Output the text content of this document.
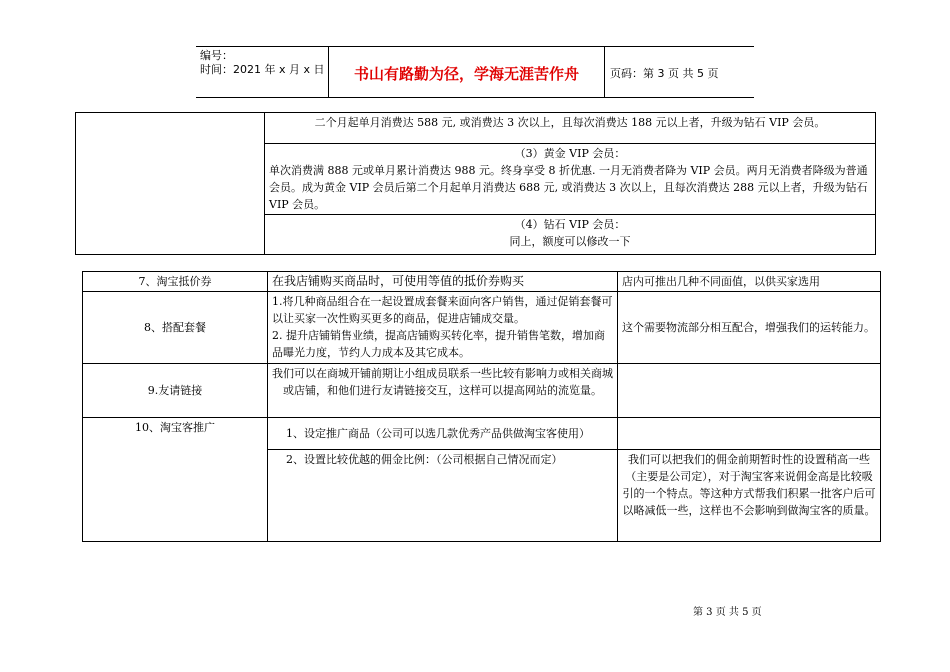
编号：
时间：2021 年 x 月 x 日	书山有路勤为径，学海无涯苦作舟	页码：第 3 页 共 5 页
	二个月起单月消费达 588 元, 或消费达 3 次以上，且每次消费达 188 元以上者，升级为钻石 VIP 会员。

（3）黄金 VIP 会员：
单次消费满 888 元或单月累计消费达 988 元。终身享受 8 折优惠. 一月无消费者降为 VIP 会员。两月无消费者降级为普通会员。成为黄金 VIP 会员后第二个月起单月消费达 688 元, 或消费达 3 次以上，且每次消费达 288 元以上者，升级为钻石 VIP 会员。

（4）钻石 VIP 会员：
同上，额度可以修改一下
7、淘宝抵价券	在我店铺购买商品时，可使用等值的抵价券购买	店内可推出几种不同面值，以供买家选用
8、搭配套餐	1.将几种商品组合在一起设置成套餐来面向客户销售，通过促销套餐可以让买家一次性购买更多的商品，促进店铺成交量。
2. 提升店铺销售业绩，提高店铺购买转化率，提升销售笔数，增加商品曝光力度，节约人力成本及其它成本。	这个需要物流部分相互配合，增强我们的运转能力。
9.友请链接	我们可以在商城开铺前期让小组成员联系一些比较有影响力或相关商城或店铺，和他们进行友请链接交互，这样可以提高网站的流览量。	
10、淘宝客推广	1、设定推广商品（公司可以选几款优秀产品供做淘宝客使用）	
	2、设置比较优越的佣金比例：（公司根据自己情况而定）	我们可以把我们的佣金前期暂时性的设置稍高一些（主要是公司定），对于淘宝客来说佣金高是比较吸引的一个特点。等这种方式帮我们积累一批客户后可以略减低一些，这样也不会影响到做淘宝客的质量。
第 3 页 共 5 页
